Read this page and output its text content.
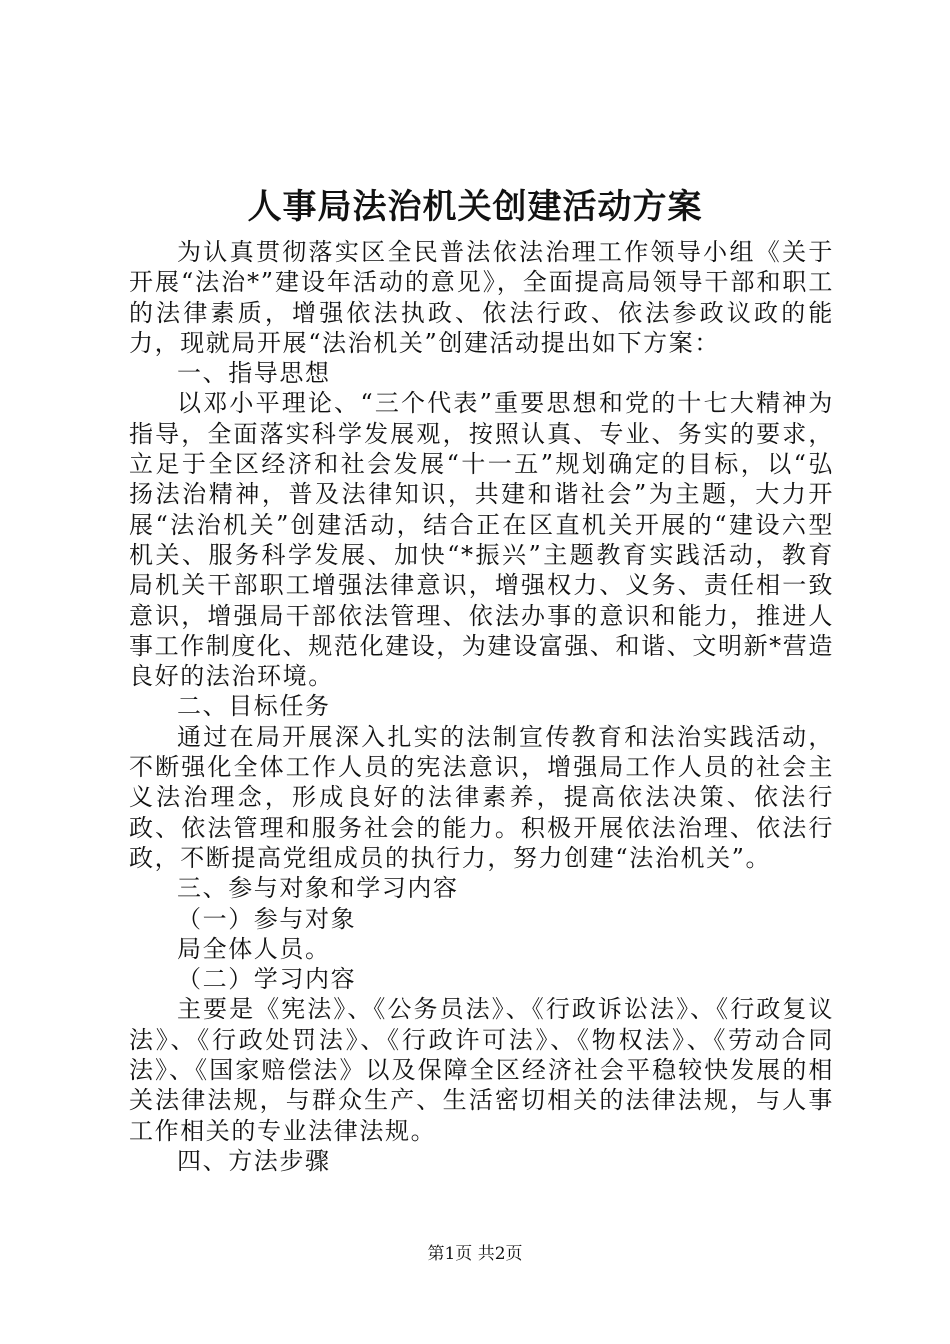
人事局法治机关创建活动方案

为认真贯彻落实区全民普法依法治理工作领导小组《关于开展“法治*”建设年活动的意见》，全面提高局领导干部和职工的法律素质，增强依法执政、依法行政、依法参政议政的能力，现就局开展“法治机关”创建活动提出如下方案：

一、指导思想

以邓小平理论、“三个代表”重要思想和党的十七大精神为指导，全面落实科学发展观，按照认真、专业、务实的要求，立足于全区经济和社会发展“十一五”规划确定的目标，以“弘扬法治精神，普及法律知识，共建和谐社会”为主题，大力开展“法治机关”创建活动，结合正在区直机关开展的“建设六型机关、服务科学发展、加快“*振兴”主题教育实践活动，教育局机关干部职工增强法律意识，增强权力、义务、责任相一致意识，增强局干部依法管理、依法办事的意识和能力，推进人事工作制度化、规范化建设，为建设富强、和谐、文明新*营造良好的法治环境。

二、目标任务

通过在局开展深入扎实的法制宣传教育和法治实践活动，不断强化全体工作人员的宪法意识，增强局工作人员的社会主义法治理念，形成良好的法律素养，提高依法决策、依法行政、依法管理和服务社会的能力。积极开展依法治理、依法行政，不断提高党组成员的执行力，努力创建“法治机关”。

三、参与对象和学习内容

（一）参与对象

局全体人员。

（二）学习内容

主要是《宪法》、《公务员法》、《行政诉讼法》、《行政复议法》、《行政处罚法》、《行政许可法》、《物权法》、《劳动合同法》、《国家赔偿法》以及保障全区经济社会平稳较快发展的相关法律法规，与群众生产、生活密切相关的法律法规，与人事工作相关的专业法律法规。

四、方法步骤

第1页 共2页
